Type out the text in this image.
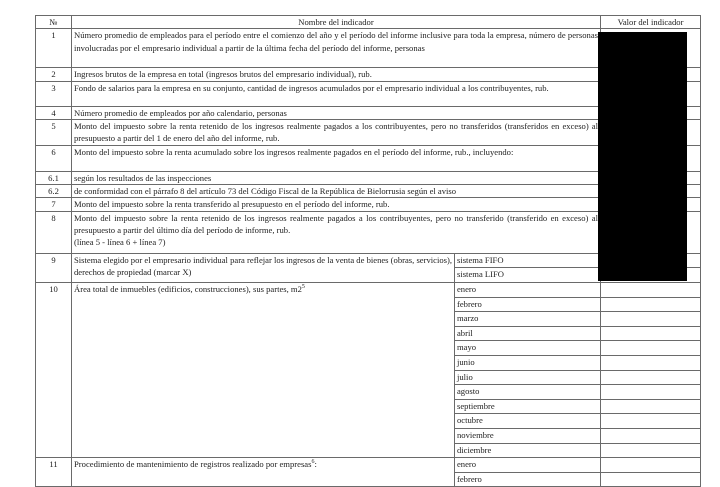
№	Nombre del indicador		Valor del indicador
1	Número promedio de empleados para el período entre el comienzo del año y el período del informe inclusive para toda la empresa, número de personas involucradas por el empresario individual a partir de la última fecha del período del informe, personas		
2	Ingresos brutos de la empresa en total (ingresos brutos del empresario individual), rub.		
3	Fondo de salarios para la empresa en su conjunto, cantidad de ingresos acumulados por el empresario individual a los contribuyentes, rub.		
4	Número promedio de empleados por año calendario, personas		
5	Monto del impuesto sobre la renta retenido de los ingresos realmente pagados a los contribuyentes, pero no transferidos (transferidos en exceso) al presupuesto a partir del 1 de enero del año del informe, rub.		
6	Monto del impuesto sobre la renta acumulado sobre los ingresos realmente pagados en el período del informe, rub., incluyendo:		
6.1	según los resultados de las inspecciones		
6.2	de conformidad con el párrafo 8 del artículo 73 del Código Fiscal de la República de Bielorrusia según el aviso		
7	Monto del impuesto sobre la renta transferido al presupuesto en el período del informe, rub.		
8	Monto del impuesto sobre la renta retenido de los ingresos realmente pagados a los contribuyentes, pero no transferido (transferido en exceso) al presupuesto a partir del último día del período de informe, rub.
(línea 5 - línea 6 + línea 7)		

9	Sistema elegido por el empresario individual para reflejar los ingresos de la venta de bienes (obras, servicios), derechos de propiedad (marcar X)	sistema FIFO	
		sistema LIFO	
10	Área total de inmuebles (edificios, construcciones), sus partes, $m2^5$	enero	
		febrero	
		marzo	
		abril	
		mayo	
		junio	
		julio	
		agosto	
		septiembre	
		octubre	
		noviembre	
		diciembre	
11	Procedimiento de mantenimiento de registros realizado por empresas$^6$:	enero	
		febrero	
